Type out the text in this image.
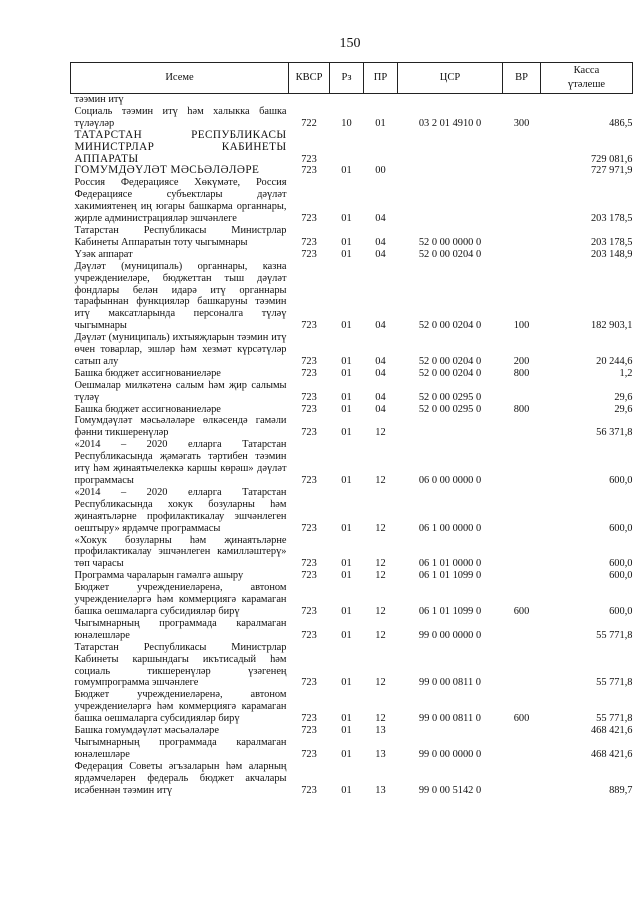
150
Исеме	КВСР	Рз	ПР	ЦСР	ВР	Касса
үтәлеше
тәэмин итү						
Социаль тәэмин итү һәм халыкка башка түләүләр	722	10	01	03 2 01 4910 0	300	486,5
ТАТАРСТАН РЕСПУБЛИКАСЫ МИНИСТРЛАР КАБИНЕТЫ АППАРАТЫ	723					729 081,6
ГОМУМДӘҮЛӘТ МӘСЬӘЛӘЛӘРЕ	723	01	00			727 971,9
Россия Федерациясе Хөкүмәте, Россия Федерациясе субъектлары дәүләт хакимиятенең иң югары башкарма органнары, җирле администрацияләр эшчәнлеге	723	01	04			203 178,5
Татарстан Республикасы Министрлар Кабинеты Аппаратын тоту чыгымнары	723	01	04	52 0 00 0000 0		203 178,5
Үзәк аппарат	723	01	04	52 0 00 0204 0		203 148,9
Дәүләт (муниципаль) органнары, казна учреждениеләре, бюджеттан тыш дәүләт фондлары белән идарә итү органнары тарафыннан функцияләр башкаруны тәэмин итү максатларында персоналга түләү чыгымнары	723	01	04	52 0 00 0204 0	100	182 903,1
Дәүләт (муниципаль) ихтыяҗларын тәэмин итү өчен товарлар, эшләр һәм хезмәт күрсәтүләр сатып алу	723	01	04	52 0 00 0204 0	200	20 244,6
Башка бюджет ассигнованиеләре	723	01	04	52 0 00 0204 0	800	1,2
Оешмалар милкәтенә салым һәм җир салымы түләү	723	01	04	52 0 00 0295 0		29,6
Башка бюджет ассигнованиеләре	723	01	04	52 0 00 0295 0	800	29,6
Гомумдәүләт мәсьәләләре өлкәсендә гамәли фәнни тикшеренүләр	723	01	12			56 371,8
«2014 – 2020 елларга Татарстан Республикасында җәмәгать тәртибен тәэмин итү һәм җинаятьчелеккә каршы көрәш» дәүләт программасы	723	01	12	06 0 00 0000 0		600,0
«2014 – 2020 елларга Татарстан Республикасында хокук бозуларны һәм җинаятьләрне профилактикалау эшчәнлеген оештыру» ярдәмче программасы	723	01	12	06 1 00 0000 0		600,0
«Хокук бозуларны һәм җинаятьләрне профилактикалау эшчәнлеген камилләштерү» төп чарасы	723	01	12	06 1 01 0000 0		600,0
Программа чараларын гамәлгә ашыру	723	01	12	06 1 01 1099 0		600,0
Бюджет учреждениеләренә, автоном учреждениеләргә һәм коммерциягә карамаган башка оешмаларга субсидияләр бирү	723	01	12	06 1 01 1099 0	600	600,0
Чыгымнарның программада каралмаган юнәлешләре	723	01	12	99 0 00 0000 0		55 771,8
Татарстан Республикасы Министрлар Кабинеты каршындагы икътисадый һәм социаль тикшеренүләр үзәгенең гомумпрограмма эшчәнлеге	723	01	12	99 0 00 0811 0		55 771,8
Бюджет учреждениеләренә, автоном учреждениеләргә һәм коммерциягә карамаган башка оешмаларга субсидияләр бирү	723	01	12	99 0 00 0811 0	600	55 771,8
Башка гомумдәүләт мәсьәләләре	723	01	13			468 421,6
Чыгымнарның программада каралмаган юнәлешләре	723	01	13	99 0 00 0000 0		468 421,6
Федерация Советы әгъзаларын һәм аларның ярдәмчеләрен федераль бюджет акчалары исәбеннән тәэмин итү	723	01	13	99 0 00 5142 0		889,7
